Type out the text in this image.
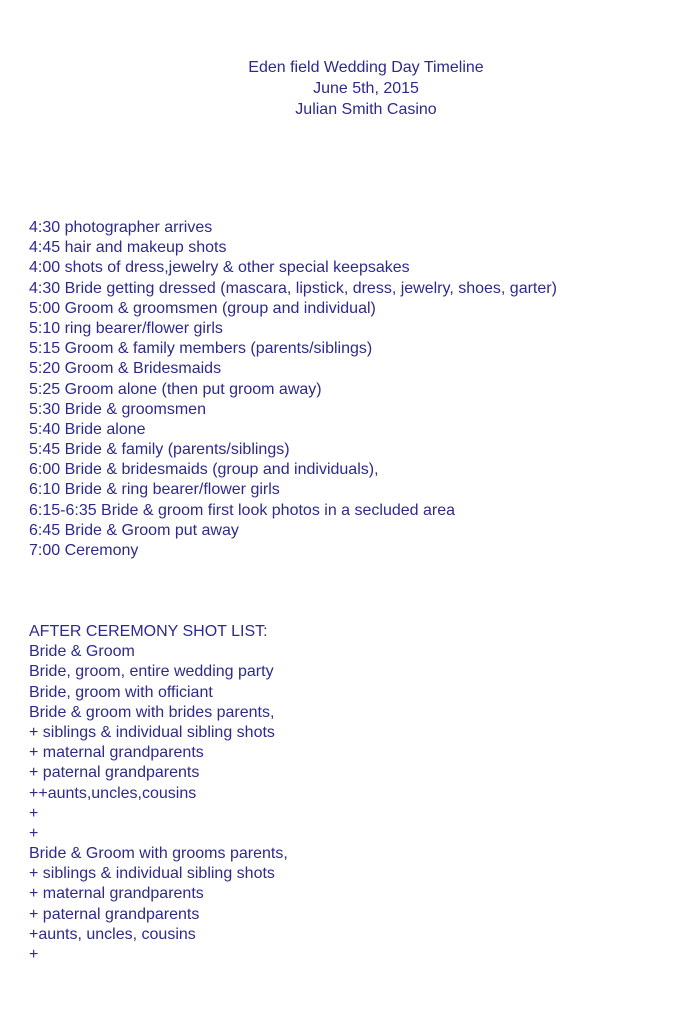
Eden field Wedding Day Timeline
June 5th, 2015
Julian Smith Casino
4:30 photographer arrives
4:45 hair and makeup shots
4:00 shots of dress,jewelry & other special keepsakes
4:30 Bride getting dressed (mascara, lipstick, dress, jewelry, shoes, garter)
5:00 Groom & groomsmen (group and individual)
5:10 ring bearer/flower girls
5:15 Groom & family members (parents/siblings)
5:20 Groom & Bridesmaids
5:25 Groom alone (then put groom away)
5:30 Bride & groomsmen
5:40 Bride alone
5:45 Bride & family (parents/siblings)
6:00 Bride & bridesmaids (group and individuals),
6:10 Bride & ring bearer/flower girls
6:15-6:35 Bride & groom first look photos in a secluded area
6:45 Bride & Groom put away
7:00 Ceremony
AFTER CEREMONY SHOT LIST:
Bride & Groom
Bride, groom, entire wedding party
Bride, groom with officiant
Bride & groom with brides parents,
+ siblings & individual sibling shots
+ maternal grandparents
+ paternal grandparents
++aunts,uncles,cousins
+
+
Bride & Groom with grooms parents,
+ siblings & individual sibling shots
+ maternal grandparents
+ paternal grandparents
+aunts, uncles, cousins
+
